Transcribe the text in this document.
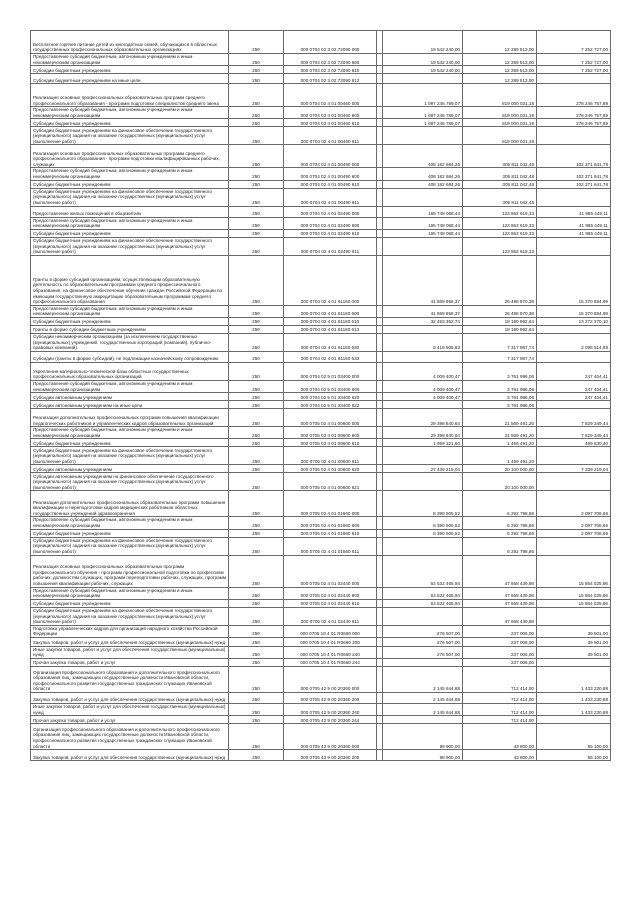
Бесплатное горячее питание детей из многодетных семей, обучающихся в областных государственных профессиональных образовательных организациях	250	000 0704 02 3 02 72090 000		19 542 240,00	12 289 513,00	7 252 727,00
Предоставление субсидий бюджетным, автономным учреждениям и иным некоммерческим организациям	250	000 0704 02 3 02 72090 600		19 542 240,00	12 289 513,00	7 252 727,00
Субсидии бюджетным учреждениям	250	000 0704 02 3 02 72090 610		19 542 240,00	12 289 513,00	7 252 727,00
Субсидии бюджетным учреждениям на иные цели	250	000 0704 02 3 02 72090 612			12 289 513,00	
Реализация основных профессиональных образовательных программ среднего профессионального образования - программ подготовки специалистов среднего звена	250	000 0704 02 4 01 00460 000		1 097 246 789,07	819 000 031,18	278 246 757,89
Предоставление субсидий бюджетным, автономным учреждениям и иным некоммерческим организациям	250	000 0704 02 4 01 00460 600		1 097 246 789,07	819 000 031,18	278 246 757,89
Субсидии бюджетным учреждениям	250	000 0704 02 4 01 00460 610		1 097 246 789,07	819 000 031,18	278 246 757,89
Субсидии бюджетным учреждениям на финансовое обеспечение государственного (муниципального) задания на оказание государственных (муниципальных) услуг (выполнение работ)	250	000 0704 02 4 01 00460 611			819 000 031,18	
Реализация основных профессиональных образовательных программ среднего профессионального образования - программ подготовки квалифицированных рабочих, служащих	250	000 0704 02 4 01 00490 000		408 182 684,26	305 811 042,48	102 371 641,78
Предоставление субсидий бюджетным, автономным учреждениям и иным некоммерческим организациям	250	000 0704 02 4 01 00490 600		408 182 684,26	305 811 042,48	102 371 641,78
Субсидии бюджетным учреждениям	250	000 0704 02 4 01 00490 610		408 182 684,26	305 811 042,48	102 371 641,78
Субсидии бюджетным учреждениям на финансовое обеспечение государственного (муниципального) задания на оказание государственных (муниципальных) услуг (выполнение работ)	250	000 0704 02 4 01 00490 611			305 811 042,48	
Предоставление жилых помещений в общежитиях	250	000 0704 02 4 01 02490 000		165 748 068,44	123 862 619,33	41 885 449,11
Предоставление субсидий бюджетным, автономным учреждениям и иным некоммерческим организациям	250	000 0704 02 4 01 02490 600		165 748 068,44	123 862 619,33	41 885 449,11
Субсидии бюджетным учреждениям	250	000 0704 02 4 01 02490 610		165 748 068,44	123 862 619,33	41 885 449,11
Субсидии бюджетным учреждениям на финансовое обеспечение государственного (муниципального) задания на оказание государственных (муниципальных) услуг (выполнение работ)	250	000 0704 02 4 01 02490 611			123 862 619,33	
Гранты в форме субсидий организациям, осуществляющим образовательную деятельность по образовательным программам среднего профессионального образования, на финансовое обеспечение обучения граждан Российской Федерации по имеющим государственную аккредитацию образовательным программам среднего профессионального образования	250	000 0704 02 4 01 61160 000		41 869 858,37	26 498 970,38	15 370 884,99
Предоставление субсидий бюджетным, автономным учреждениям и иным некоммерческим организациям	250	000 0704 02 4 01 61160 600		41 869 858,37	26 498 970,38	15 370 884,99
Субсидии бюджетным учреждениям	250	000 0704 02 4 01 61160 610		32 453 352,74	19 180 982,64	13 272 370,10
Гранты в форме субсидии бюджетным учреждениям	250	000 0704 02 4 01 61160 613			19 180 982,64	
Субсидии некоммерческим организациям (за исключением государственных (муниципальных) учреждений, государственных корпораций (компаний), публично-правовых компаний)	250	000 0704 02 4 01 61160 630		9 416 505,63	7 317 987,74	2 098 514,89
Субсидии (гранты в форме субсидий), не подлежащие казначейскому сопровождению	250	000 0704 02 4 01 61160 633			7 317 987,74	
Укрепление материально-технической базы областных государственных профессиональных образовательных организаций	250	000 0704 02 5 01 03400 000		4 009 400,47	3 761 996,06	247 404,41
Предоставление субсидий бюджетным, автономным учреждениям и иным некоммерческим организациям	250	000 0704 02 5 01 03400 600		4 009 400,47	3 761 996,06	247 404,41
Субсидии автономным учреждениям	250	000 0704 02 5 01 03400 620		4 009 400,47	3 761 996,06	247 404,41
Субсидии автономным учреждениям на иные цели	250	000 0704 02 5 01 03400 622			3 761 996,06	
Реализация дополнительных профессиональных программ повышения квалификации педагогических работников и управленческих кадров образовательных организаций	250	000 0705 02 4 01 00600 000		29 398 840,64	21 569 491,20	7 829 349,44
Предоставление субсидий бюджетным, автономным учреждениям и иным некоммерческим организациям	250	000 0705 02 4 01 00600 600		29 398 840,64	21 569 491,20	7 829 349,44
Субсидии бюджетным учреждениям	250	000 0705 02 4 01 00600 610		1 959 321,60	1 469 491,20	489 830,40
Субсидии бюджетным учреждениям на финансовое обеспечение государственного (муниципального) задания на оказание государственных (муниципальных) услуг (выполнение работ)	250	000 0705 02 4 01 00600 611			1 469 491,20	
Субсидии автономным учреждениям	250	000 0705 02 4 01 00600 620		27 439 219,04	20 100 000,00	7 339 219,04
Субсидии автономным учреждениям на финансовое обеспечение государственного (муниципального) задания на оказание государственных (муниципальных) услуг (выполнение работ)	250	000 0705 02 4 01 00600 621			20 100 000,00	
Реализация дополнительных профессиональных образовательных программ повышения квалификации и переподготовки кадров медицинских работников областных государственных учреждений здравоохранения	250	000 0705 02 4 01 01660 000		8 390 505,52	6 292 798,86	2 097 706,66
Предоставление субсидий бюджетным, автономным учреждениям и иным некоммерческим организациям	250	000 0705 02 4 01 01660 600		8 390 505,52	6 292 798,86	2 097 706,66
Субсидии бюджетным учреждениям	250	000 0705 02 4 01 01660 610		8 390 505,52	6 292 798,86	2 097 706,66
Субсидии бюджетным учреждениям на финансовое обеспечение государственного (муниципального) задания на оказание государственных (муниципальных) услуг (выполнение работ)	250	000 0705 02 4 01 01660 611			6 292 798,86	
Реализация основных профессиональных образовательных программ профессионального обучения - программ профессиональной подготовки по профессиям рабочих, должностям служащих, программ переподготовки рабочих, служащих, программ повышения квалификации рабочих, служащих	250	000 0705 02 4 01 02440 000		63 532 465,94	47 668 439,98	15 864 025,96
Предоставление субсидий бюджетным, автономным учреждениям и иным некоммерческим организациям	250	000 0705 02 4 01 02440 600		63 532 465,94	47 668 439,98	15 864 025,96
Субсидии бюджетным учреждениям	250	000 0705 02 4 01 02440 610		63 532 465,94	47 668 439,98	15 864 025,96
Субсидии бюджетным учреждениям на финансовое обеспечение государственного (муниципального) задания на оказание государственных (муниципальных) услуг (выполнение работ)	250	000 0705 02 4 01 02440 611			47 668 439,98	
Подготовка управленческих кадров для организаций народного хозяйства Российской Федерации	250	000 0705 10 4 01 R0660 000		276 507,00	237 006,00	39 501,00
Закупка товаров, работ и услуг для обеспечения государственных (муниципальных) нужд	250	000 0705 10 4 01 R0660 200		276 507,00	237 006,00	39 501,00
Иные закупки товаров, работ и услуг для обеспечения государственных (муниципальных) нужд	250	000 0705 10 4 01 R0660 240		276 507,00	237 006,00	39 501,00
Прочая закупка товаров, работ и услуг	250	000 0705 10 4 01 R0660 244			237 006,00	
Организация профессионального образования и дополнительного профессионального образования лиц, замещающих государственные должности Ивановской области, профессионального развития государственных гражданских служащих Ивановской области	250	000 0705 42 9 00 20360 000		2 145 644,88	712 414,00	1 433 230,88
Закупка товаров, работ и услуг для обеспечения государственных (муниципальных) нужд	250	000 0705 42 9 00 20360 200		2 145 644,88	712 414,00	1 433 230,88
Иные закупки товаров, работ и услуг для обеспечения государственных (муниципальных) нужд	250	000 0705 42 9 00 20360 240		2 145 644,88	712 414,00	1 433 230,88
Прочая закупка товаров, работ и услуг	250	000 0705 42 9 00 20360 244			712 414,00	
Организация профессионального образования и дополнительного профессионального образования лиц, замещающих государственные должности Ивановской области, профессионального развития государственных гражданских служащих Ивановской области	250	000 0705 43 9 00 20360 000		98 900,00	43 800,00	55 100,00
Закупка товаров, работ и услуг для обеспечения государственных (муниципальных) нужд	250	000 0705 43 9 00 20360 200		98 900,00	43 800,00	55 100,00
